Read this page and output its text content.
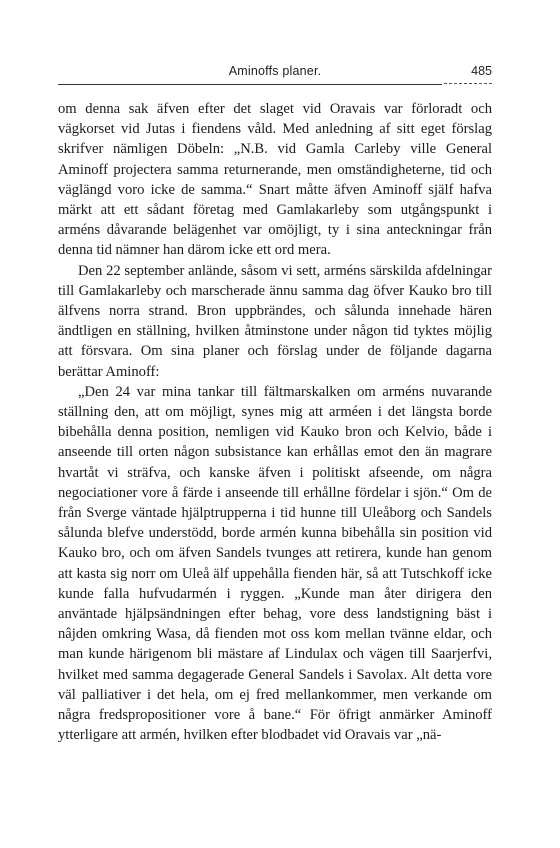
Aminoffs planer.	485

om denna sak äfven efter det slaget vid Oravais var förloradt och vägkorset vid Jutas i fiendens våld. Med anledning af sitt eget förslag skrifver nämligen Döbeln: „N.B. vid Gamla Carleby ville General Aminoff projectera samma returnerande, men omständigheterne, tid och väglängd voro icke de samma.“ Snart måtte äfven Aminoff själf hafva märkt att ett sådant företag med Gamlakarleby som utgångspunkt i arméns dåvarande belägenhet var omöjligt, ty i sina anteckningar från denna tid nämner han därom icke ett ord mera.

Den 22 september anlände, såsom vi sett, arméns särskilda afdelningar till Gamlakarleby och marscherade ännu samma dag öfver Kauko bro till älfvens norra strand. Bron uppbrändes, och sålunda innehade hären ändtligen en ställning, hvilken åtminstone under någon tid tyktes möjlig att försvara. Om sina planer och förslag under de följande dagarna berättar Aminoff:

„Den 24 var mina tankar till fältmarskalken om arméns nuvarande ställning den, att om möjligt, synes mig att arméen i det längsta borde bibehålla denna position, nemligen vid Kauko bron och Kelvio, både i anseende till orten någon subsistance kan erhållas emot den än magrare hvartåt vi sträfva, och kanske äfven i politiskt afseende, om några negociationer vore å färde i anseende till erhållne fördelar i sjön.“ Om de från Sverge väntade hjälptrupperna i tid hunne till Uleåborg och Sandels sålunda blefve understödd, borde armén kunna bibehålla sin position vid Kauko bro, och om äfven Sandels tvunges att retirera, kunde han genom att kasta sig norr om Uleå älf uppehålla fienden här, så att Tutschkoff icke kunde falla hufvudarmén i ryggen. „Kunde man åter dirigera den använtade hjälpsändningen efter behag, vore dess landstigning bäst i nâjden omkring Wasa, då fienden mot oss kom mellan tvänne eldar, och man kunde härigenom bli mästare af Lindulax och vägen till Saarjerfvi, hvilket med samma degagerade General Sandels i Savolax. Alt detta vore väl palliativer i det hela, om ej fred mellankommer, men verkande om några fredspropositioner vore å bane.“ För öfrigt anmärker Aminoff ytterligare att armén, hvilken efter blodbadet vid Oravais var „nä-
